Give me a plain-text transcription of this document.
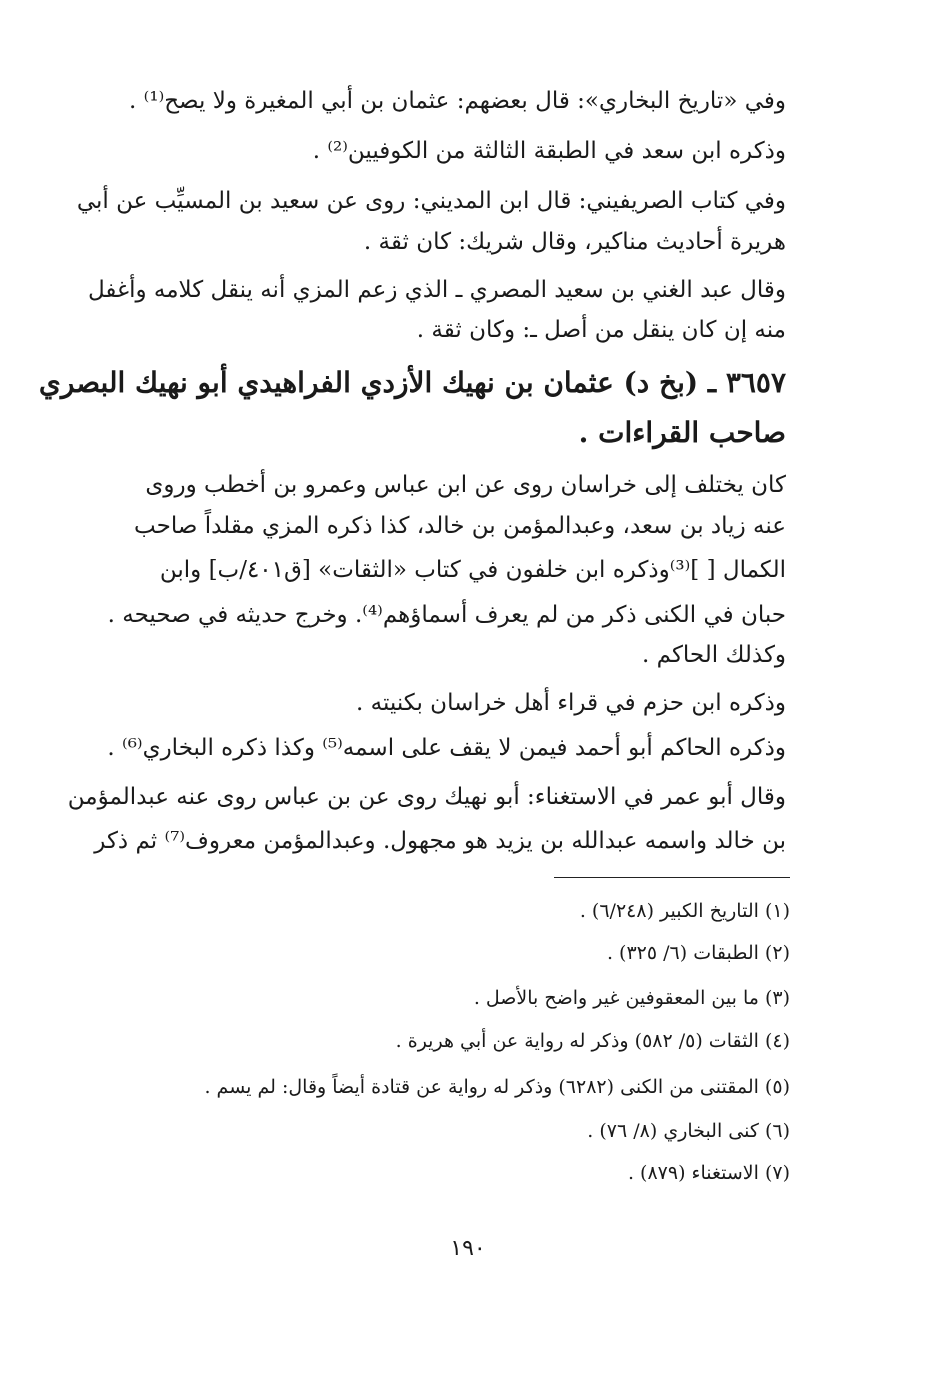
وفي «تاريخ البخاري»: قال بعضهم: عثمان بن أبي المغيرة ولا يصح⁽¹⁾ .
وذكره ابن سعد في الطبقة الثالثة من الكوفيين⁽²⁾ .
وفي كتاب الصريفيني: قال ابن المديني: روى عن سعيد بن المسيِّب عن أبي
هريرة أحاديث مناكير، وقال شريك: كان ثقة .
وقال عبد الغني بن سعيد المصري ـ الذي زعم المزي أنه ينقل كلامه وأغفل
منه إن كان ينقل من أصل ـ: وكان ثقة .
٣٦٥٧ ـ (بخ د) عثمان بن نهيك الأزدي الفراهيدي أبو نهيك البصري
صاحب القراءات .
كان يختلف إلى خراسان روى عن ابن عباس وعمرو بن أخطب وروى
عنه زياد بن سعد، وعبدالمؤمن بن خالد، كذا ذكره المزي مقلداً صاحب
الكمال [ ]⁽³⁾وذكره ابن خلفون في كتاب «الثقات» [ق٤٠١/ب] وابن
حبان في الكنى ذكر من لم يعرف أسماؤهم⁽⁴⁾. وخرج حديثه في صحيحه .
وكذلك الحاكم .
وذكره ابن حزم في قراء أهل خراسان بكنيته .
وذكره الحاكم أبو أحمد فيمن لا يقف على اسمه⁽⁵⁾ وكذا ذكره البخاري⁽⁶⁾ .
وقال أبو عمر في الاستغناء: أبو نهيك روى عن بن عباس روى عنه عبدالمؤمن
بن خالد واسمه عبدالله بن يزيد هو مجهول. وعبدالمؤمن معروف⁽⁷⁾ ثم ذكر
(١) التاريخ الكبير (٦/٢٤٨) .
(٢) الطبقات (٦/ ٣٢٥) .
(٣) ما بين المعقوفين غير واضح بالأصل .
(٤) الثقات (٥/ ٥٨٢) وذكر له رواية عن أبي هريرة .
(٥) المقتنى من الكنى (٦٢٨٢) وذكر له رواية عن قتادة أيضاً وقال: لم يسم .
(٦) كنى البخاري (٨/ ٧٦) .
(٧) الاستغناء (٨٧٩) .
١٩٠
